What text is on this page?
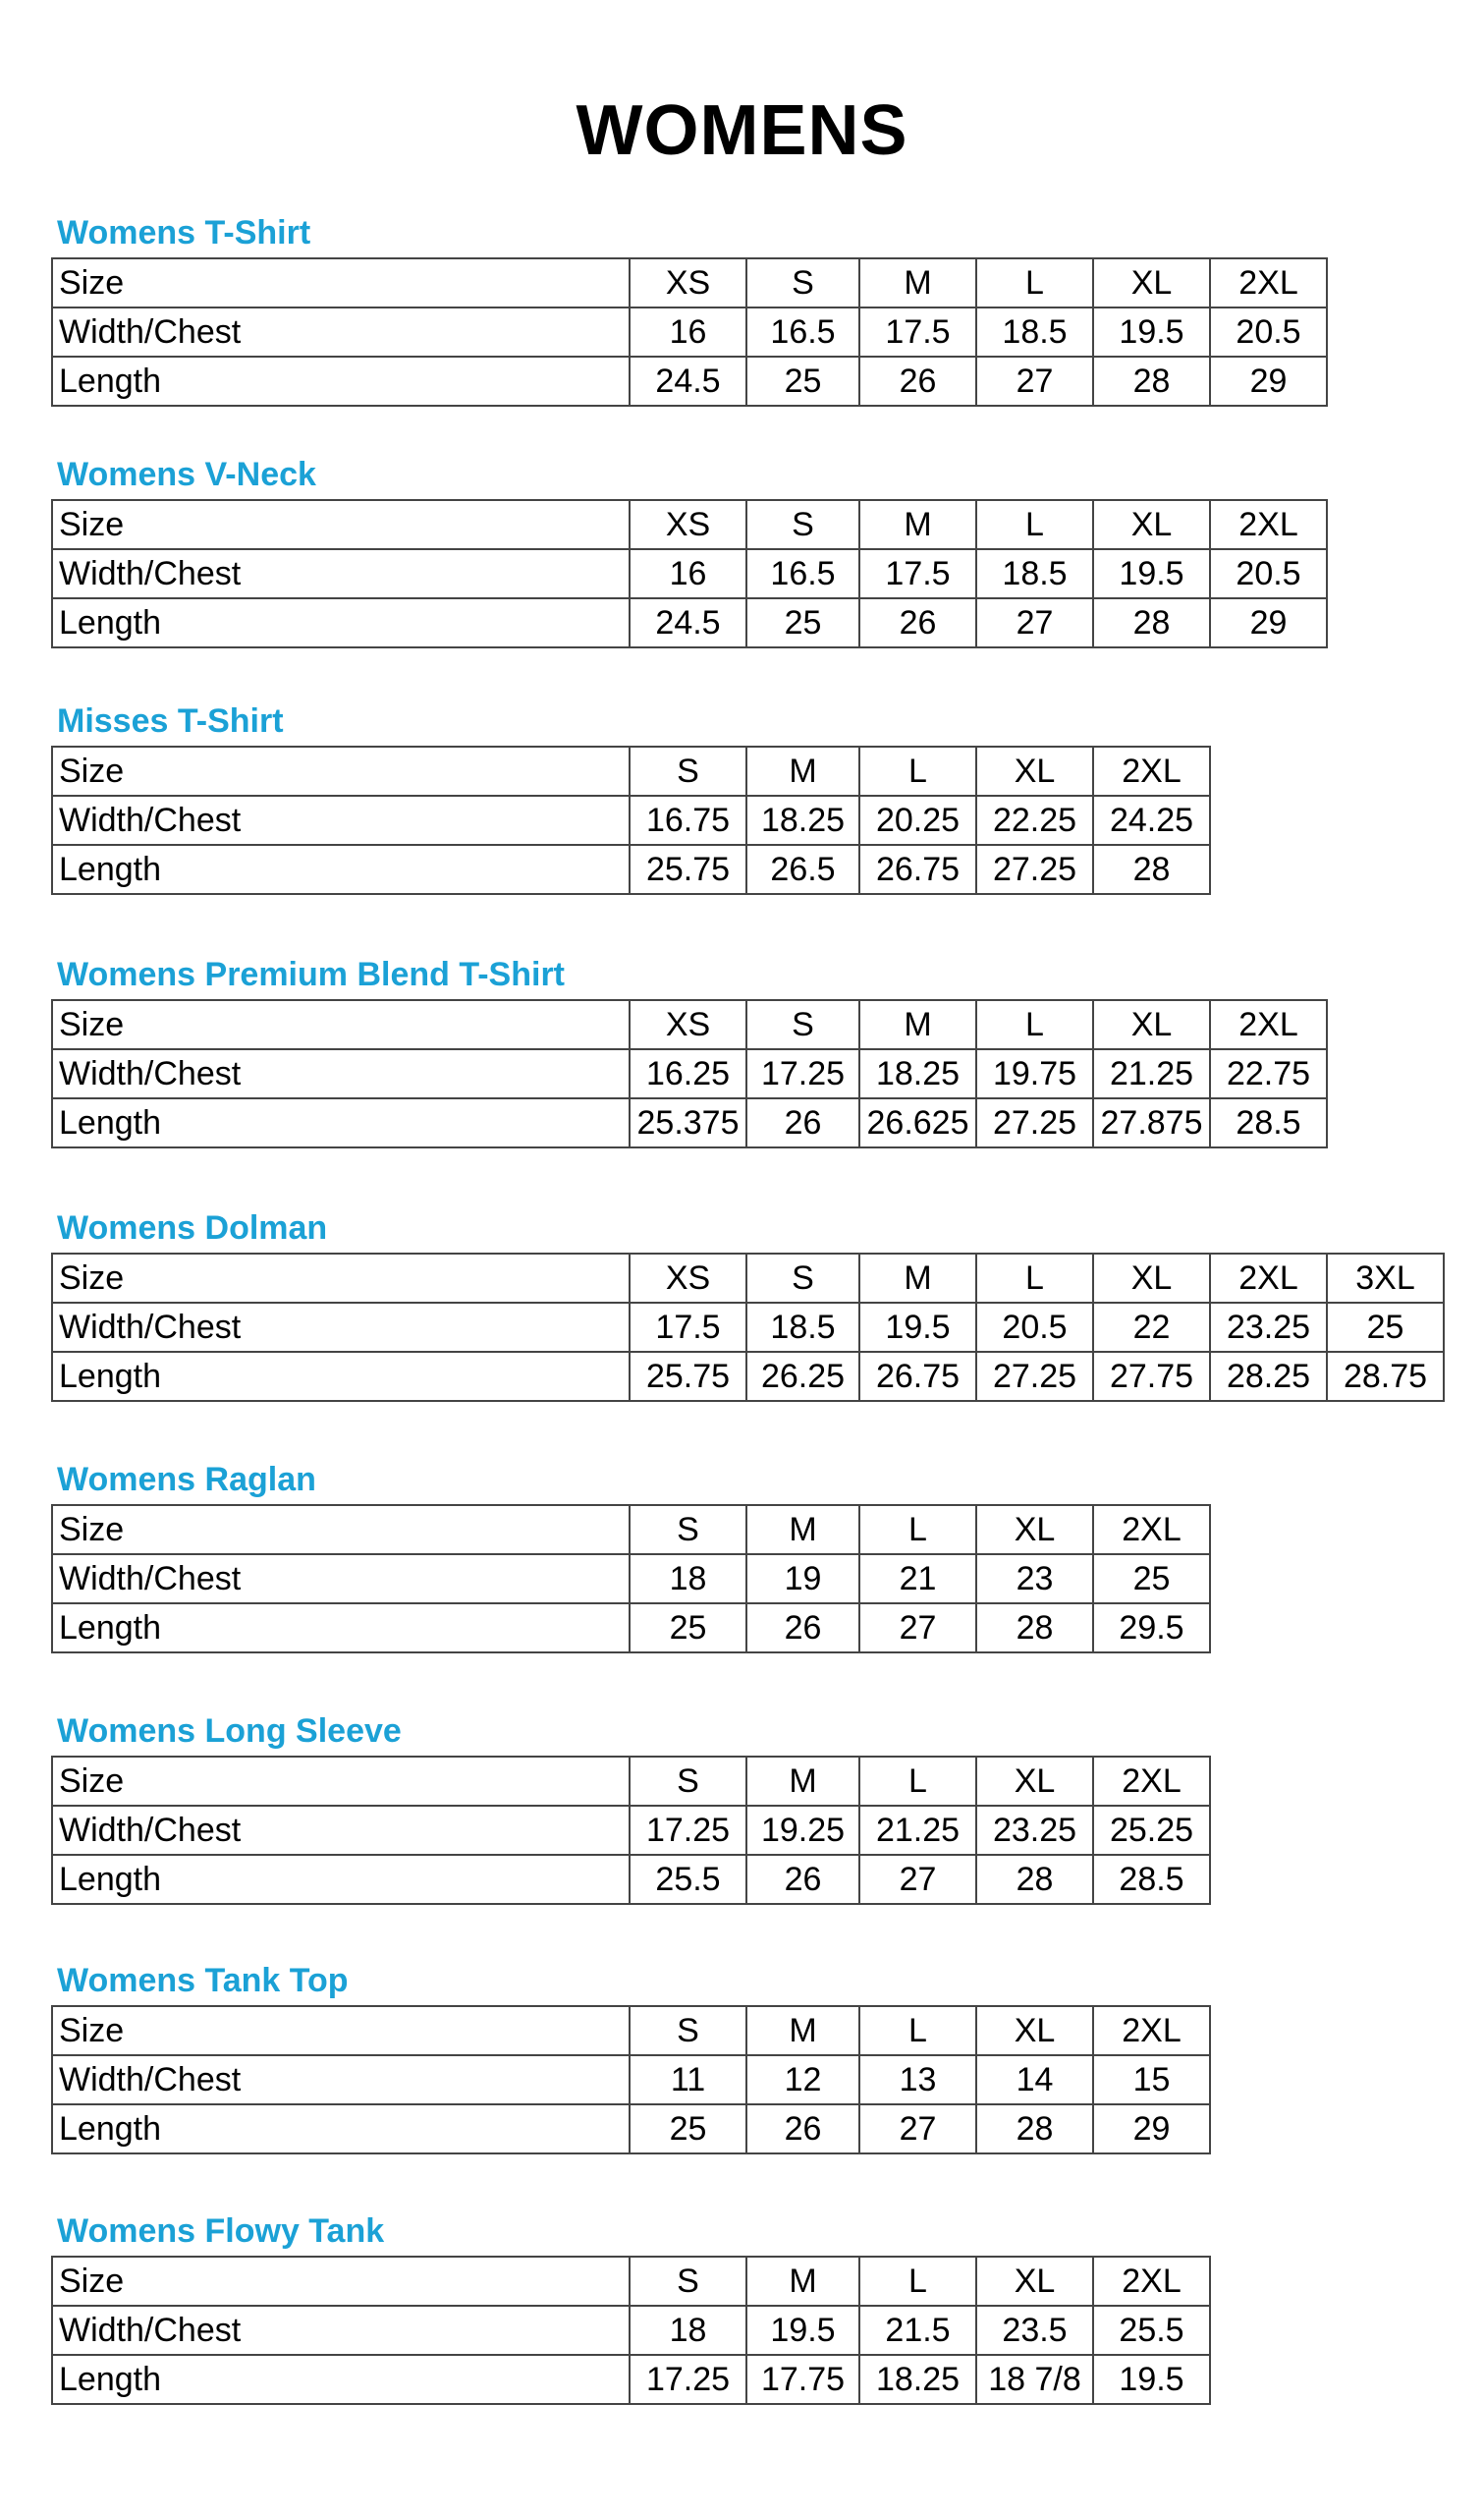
WOMENS
Womens T-Shirt
Size	XS	S	M	L	XL	2XL
Width/Chest	16	16.5	17.5	18.5	19.5	20.5
Length	24.5	25	26	27	28	29
Womens V-Neck
Size	XS	S	M	L	XL	2XL
Width/Chest	16	16.5	17.5	18.5	19.5	20.5
Length	24.5	25	26	27	28	29
Misses T-Shirt
Size	S	M	L	XL	2XL
Width/Chest	16.75	18.25	20.25	22.25	24.25
Length	25.75	26.5	26.75	27.25	28
Womens Premium Blend T-Shirt
Size	XS	S	M	L	XL	2XL
Width/Chest	16.25	17.25	18.25	19.75	21.25	22.75
Length	25.375	26	26.625	27.25	27.875	28.5
Womens Dolman
Size	XS	S	M	L	XL	2XL	3XL
Width/Chest	17.5	18.5	19.5	20.5	22	23.25	25
Length	25.75	26.25	26.75	27.25	27.75	28.25	28.75
Womens Raglan
Size	S	M	L	XL	2XL
Width/Chest	18	19	21	23	25
Length	25	26	27	28	29.5
Womens Long Sleeve
Size	S	M	L	XL	2XL
Width/Chest	17.25	19.25	21.25	23.25	25.25
Length	25.5	26	27	28	28.5
Womens Tank Top
Size	S	M	L	XL	2XL
Width/Chest	11	12	13	14	15
Length	25	26	27	28	29
Womens Flowy Tank
Size	S	M	L	XL	2XL
Width/Chest	18	19.5	21.5	23.5	25.5
Length	17.25	17.75	18.25	18 7/8	19.5
